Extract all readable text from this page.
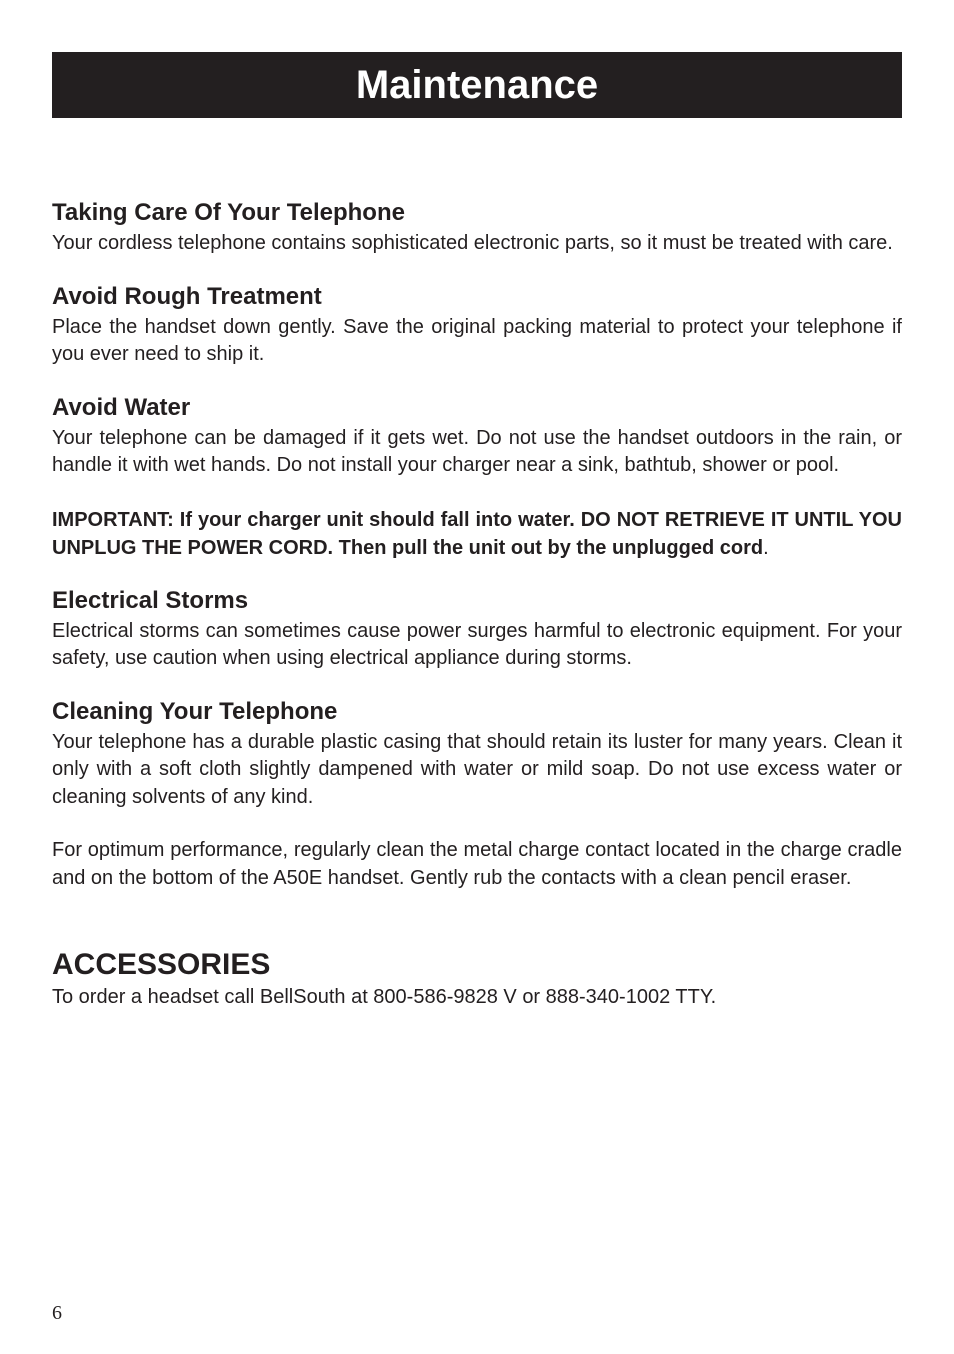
Maintenance
Taking Care Of Your Telephone

Your cordless telephone contains sophisticated electronic parts, so it must be treated with care.

Avoid Rough Treatment

Place the handset down gently. Save the original packing material to protect your telephone if you ever need to ship it.

Avoid Water

Your telephone can be damaged if it gets wet. Do not use the handset outdoors in the rain, or handle it with wet hands. Do not install your charger near a sink, bathtub, shower or pool.

IMPORTANT: If your charger unit should fall into water. DO NOT RETRIEVE IT UNTIL YOU UNPLUG THE POWER CORD. Then pull the unit out by the unplugged cord.

Electrical Storms

Electrical storms can sometimes cause power surges harmful to electronic equipment. For your safety, use caution when using electrical appliance during storms.

Cleaning Your Telephone

Your telephone has a durable plastic casing that should retain its luster for many years. Clean it only with a soft cloth slightly dampened with water or mild soap. Do not use excess water or cleaning solvents of any kind.

For optimum performance, regularly clean the metal charge contact located in the charge cradle and on the bottom of the A50E handset. Gently rub the contacts with a clean pencil eraser.

ACCESSORIES

To order a headset call BellSouth at 800-586-9828 V or 888-340-1002 TTY.

6
